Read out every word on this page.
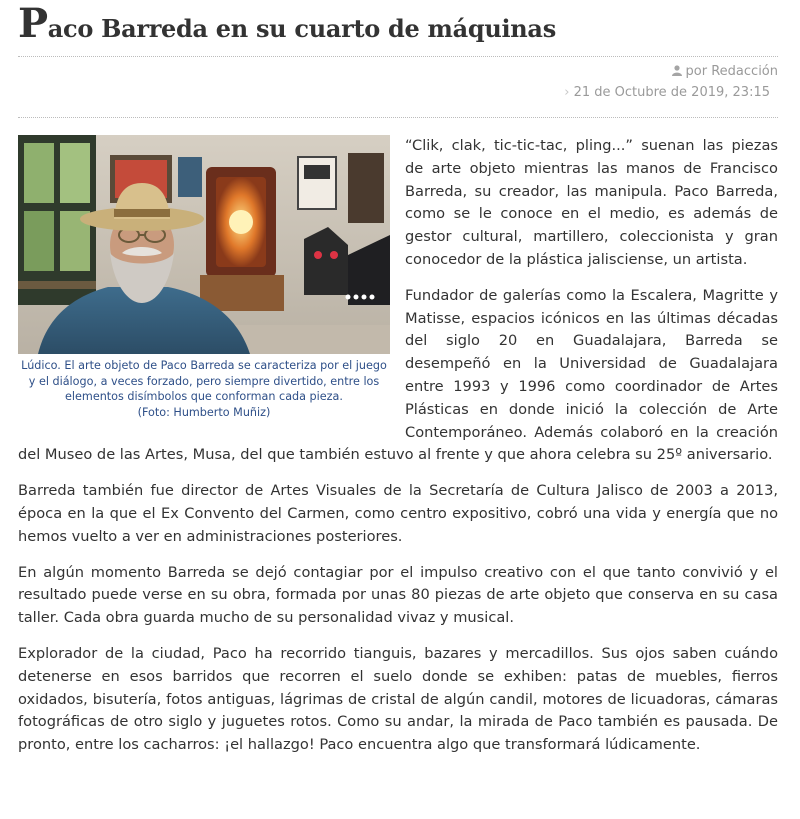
Paco Barreda en su cuarto de máquinas
por Redacción
› 21 de Octubre de 2019, 23:15
Lúdico. El arte objeto de Paco Barreda se caracteriza por el juego y el diálogo, a veces forzado, pero siempre divertido, entre los elementos disímbolos que conforman cada pieza.
(Foto: Humberto Muñiz)

“Clik, clak, tic-tic-tac, pling...” suenan las piezas de arte objeto mientras las manos de Francisco Barreda, su creador, las manipula. Paco Barreda, como se le conoce en el medio, es además de gestor cultural, martillero, coleccionista y gran conocedor de la plástica jalisciense, un artista.

Fundador de galerías como la Escalera, Magritte y Matisse, espacios icónicos en las últimas décadas del siglo 20 en Guadalajara, Barreda se desempeñó en la Universidad de Guadalajara entre 1993 y 1996 como coordinador de Artes Plásticas en donde inició la colección de Arte Contemporáneo. Además colaboró en la creación del Museo de las Artes, Musa, del que también estuvo al frente y que ahora celebra su 25º aniversario.

Barreda también fue director de Artes Visuales de la Secretaría de Cultura Jalisco de 2003 a 2013, época en la que el Ex Convento del Carmen, como centro expositivo, cobró una vida y energía que no hemos vuelto a ver en administraciones posteriores.

En algún momento Barreda se dejó contagiar por el impulso creativo con el que tanto convivió y el resultado puede verse en su obra, formada por unas 80 piezas de arte objeto que conserva en su casa taller. Cada obra guarda mucho de su personalidad vivaz y musical.

Explorador de la ciudad, Paco ha recorrido tianguis, bazares y mercadillos. Sus ojos saben cuándo detenerse en esos barridos que recorren el suelo donde se exhiben: patas de muebles, fierros oxidados, bisutería, fotos antiguas, lágrimas de cristal de algún candil, motores de licuadoras, cámaras fotográficas de otro siglo y juguetes rotos. Como su andar, la mirada de Paco también es pausada. De pronto, entre los cacharros: ¡el hallazgo! Paco encuentra algo que transformará lúdicamente.
